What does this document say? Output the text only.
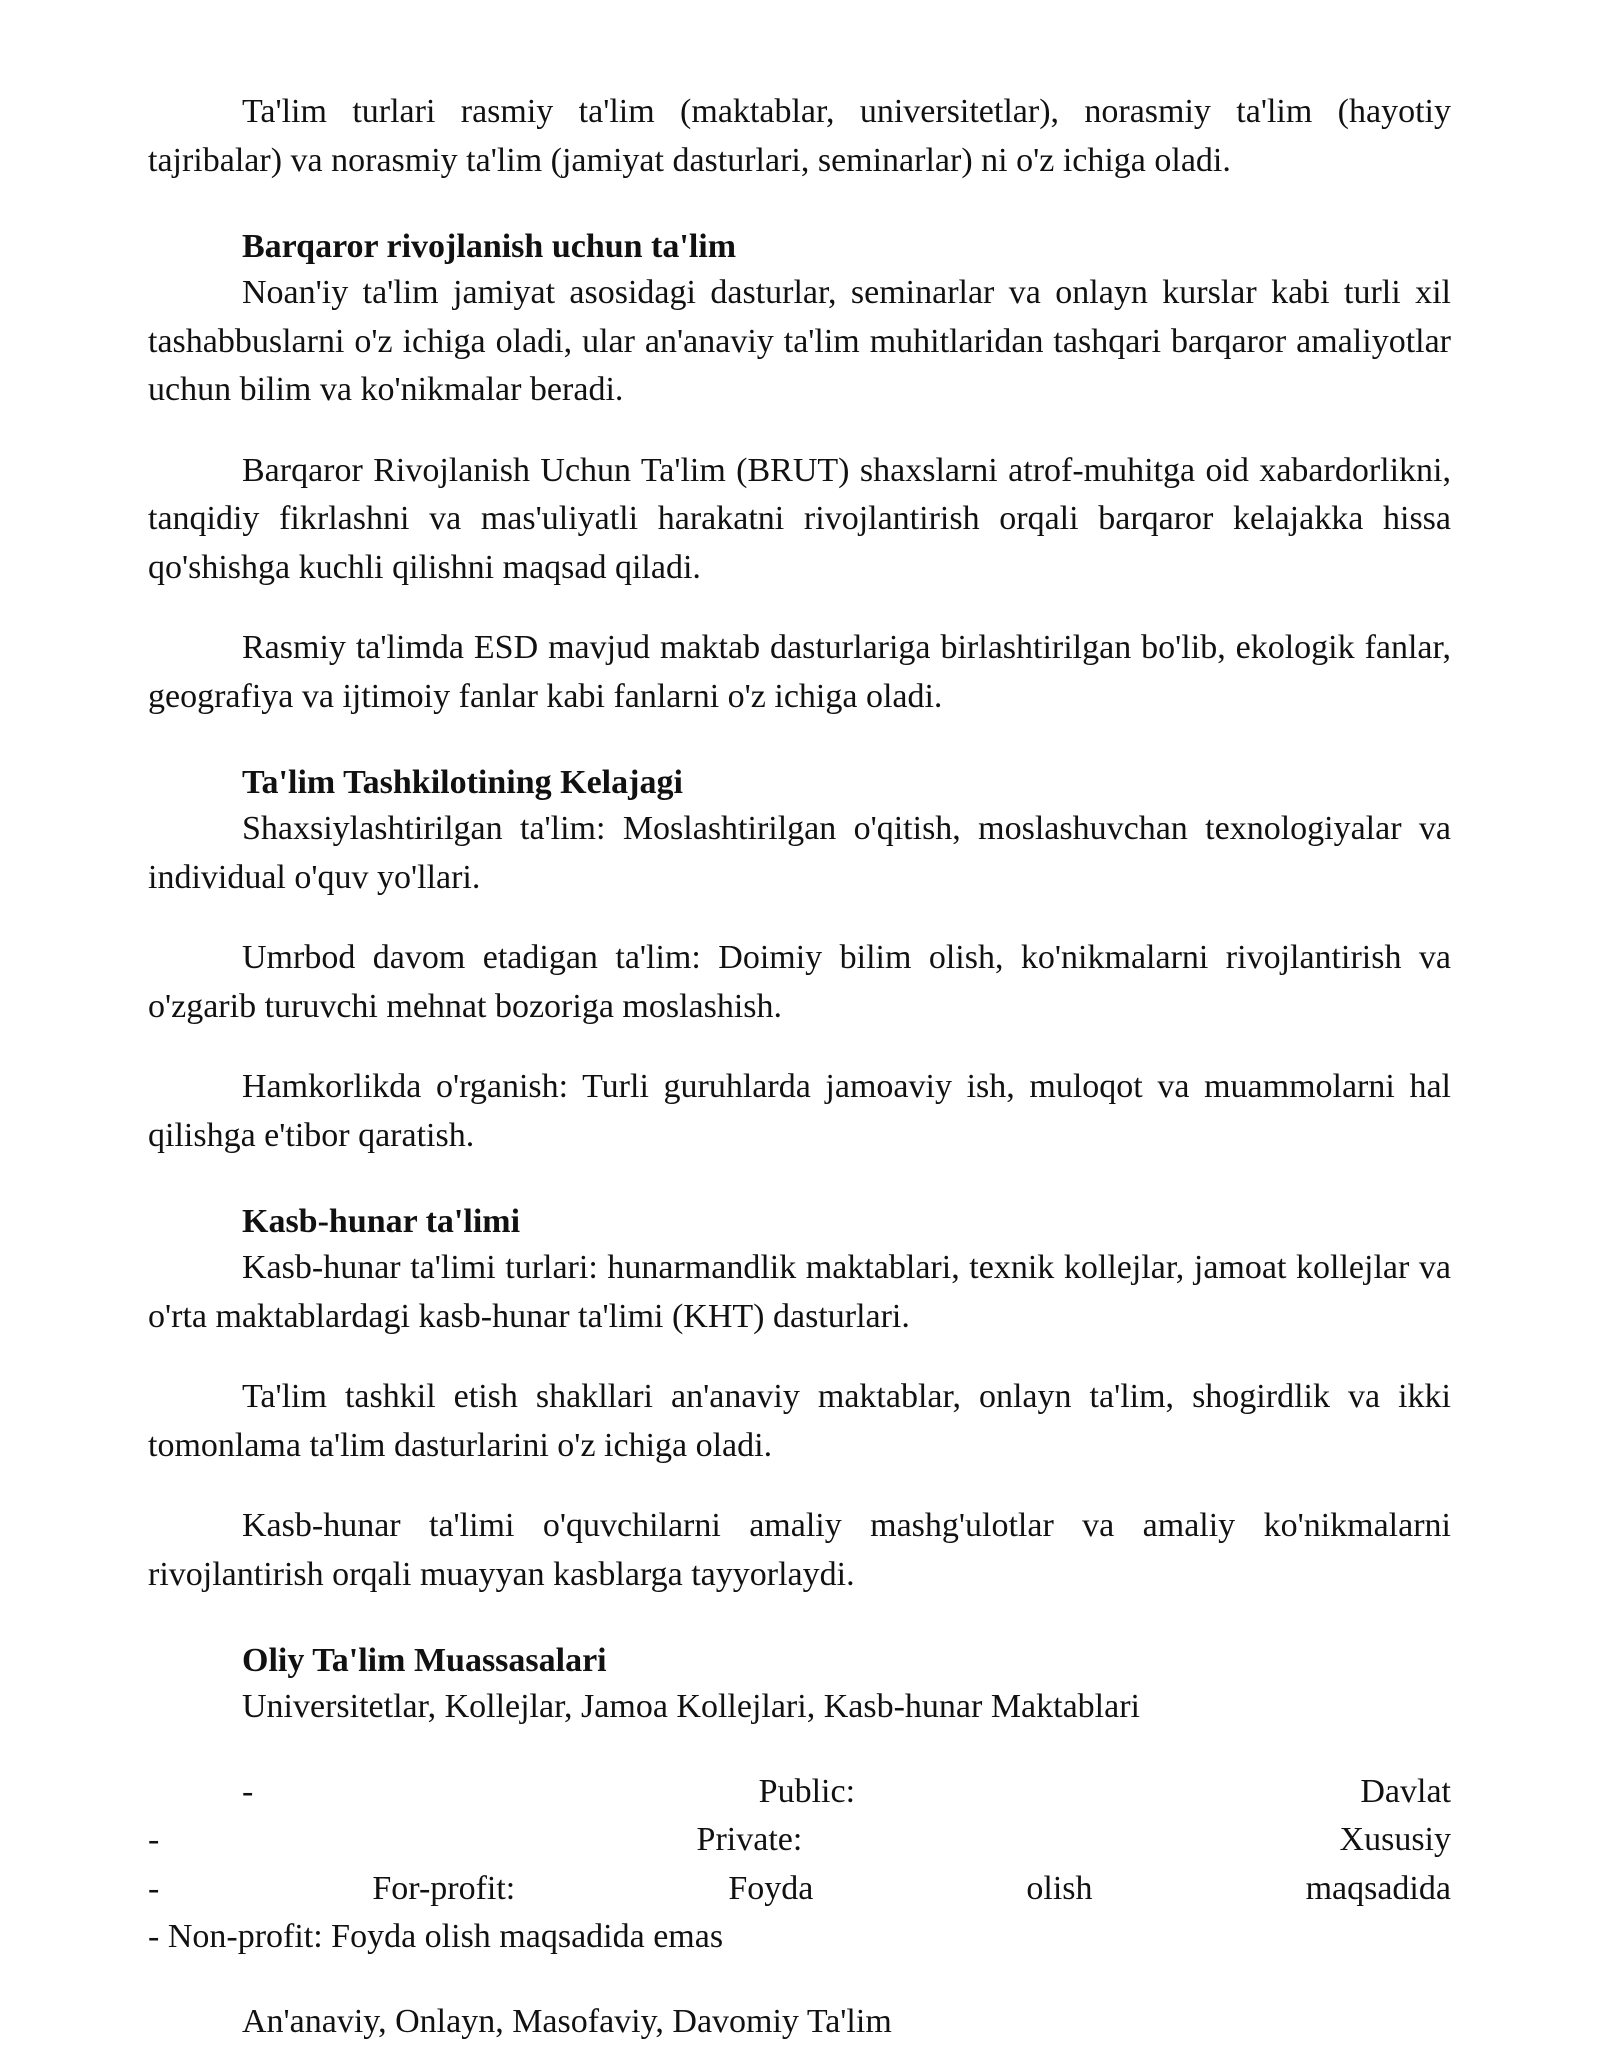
Ta'lim turlari rasmiy ta'lim (maktablar, universitetlar), norasmiy ta'lim (hayotiy tajribalar) va norasmiy ta'lim (jamiyat dasturlari, seminarlar) ni o'z ichiga oladi.

Barqaror rivojlanish uchun ta'lim

Noan'iy ta'lim jamiyat asosidagi dasturlar, seminarlar va onlayn kurslar kabi turli xil tashabbuslarni o'z ichiga oladi, ular an'anaviy ta'lim muhitlaridan tashqari barqaror amaliyotlar uchun bilim va ko'nikmalar beradi.

Barqaror Rivojlanish Uchun Ta'lim (BRUT) shaxslarni atrof-muhitga oid xabardorlikni, tanqidiy fikrlashni va mas'uliyatli harakatni rivojlantirish orqali barqaror kelajakka hissa qo'shishga kuchli qilishni maqsad qiladi.

Rasmiy ta'limda ESD mavjud maktab dasturlariga birlashtirilgan bo'lib, ekologik fanlar, geografiya va ijtimoiy fanlar kabi fanlarni o'z ichiga oladi.

Ta'lim Tashkilotining Kelajagi

Shaxsiylashtirilgan ta'lim: Moslashtirilgan o'qitish, moslashuvchan texnologiyalar va individual o'quv yo'llari.

Umrbod davom etadigan ta'lim: Doimiy bilim olish, ko'nikmalarni rivojlantirish va o'zgarib turuvchi mehnat bozoriga moslashish.

Hamkorlikda o'rganish: Turli guruhlarda jamoaviy ish, muloqot va muammolarni hal qilishga e'tibor qaratish.

Kasb-hunar ta'limi

Kasb-hunar ta'limi turlari: hunarmandlik maktablari, texnik kollejlar, jamoat kollejlar va o'rta maktablardagi kasb-hunar ta'limi (KHT) dasturlari.

Ta'lim tashkil etish shakllari an'anaviy maktablar, onlayn ta'lim, shogirdlik va ikki tomonlama ta'lim dasturlarini o'z ichiga oladi.

Kasb-hunar ta'limi o'quvchilarni amaliy mashg'ulotlar va amaliy ko'nikmalarni rivojlantirish orqali muayyan kasblarga tayyorlaydi.

Oliy Ta'lim Muassasalari
Universitetlar, Kollejlar, Jamoa Kollejlari, Kasb-hunar Maktablari
-	Public:	Davlat
-	Private:	Xususiy
-	For-profit:	Foyda	olish	maqsadida
- Non-profit: Foyda olish maqsadida emas
An'anaviy, Onlayn, Masofaviy, Davomiy Ta'lim
